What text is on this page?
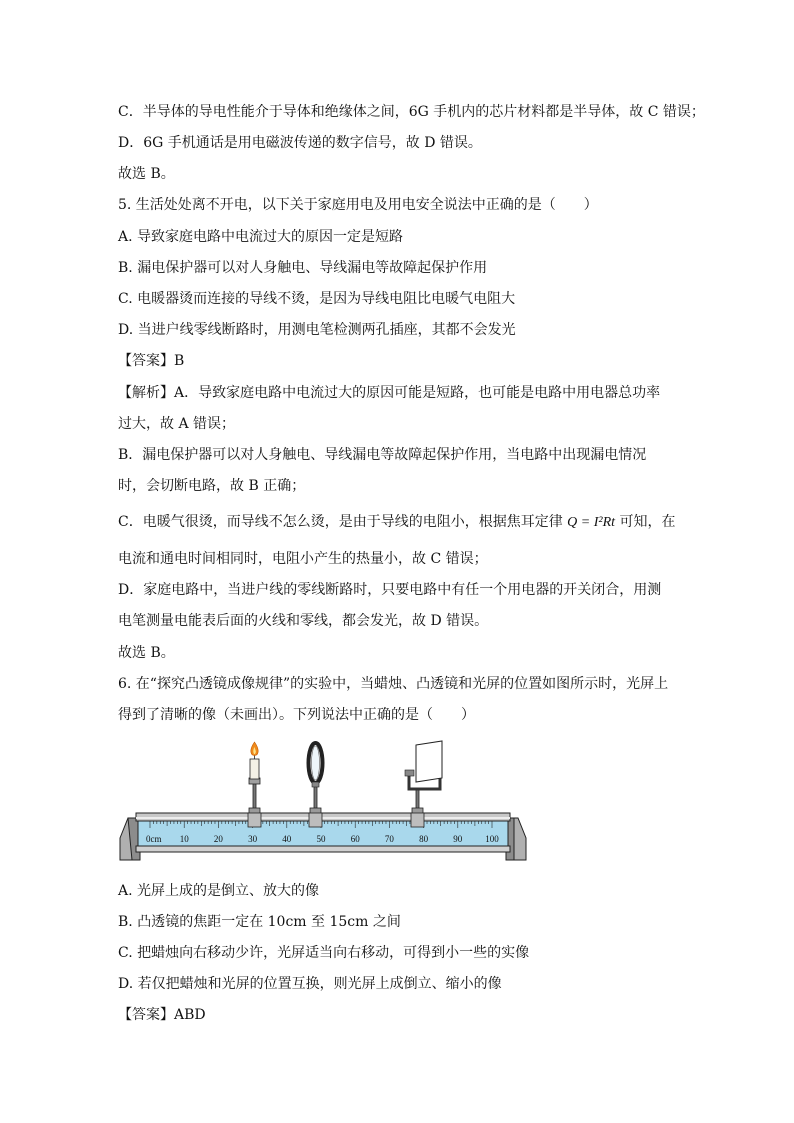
C．半导体的导电性能介于导体和绝缘体之间，6G 手机内的芯片材料都是半导体，故 C 错误；
D．6G 手机通话是用电磁波传递的数字信号，故 D 错误。
故选 B。
5. 生活处处离不开电，以下关于家庭用电及用电安全说法中正确的是（　　）
A. 导致家庭电路中电流过大的原因一定是短路
B. 漏电保护器可以对人身触电、导线漏电等故障起保护作用
C. 电暖器烫而连接的导线不烫，是因为导线电阻比电暖气电阻大
D. 当进户线零线断路时，用测电笔检测两孔插座，其都不会发光
【答案】B
【解析】A．导致家庭电路中电流过大的原因可能是短路，也可能是电路中用电器总功率
过大，故 A 错误；
B．漏电保护器可以对人身触电、导线漏电等故障起保护作用，当电路中出现漏电情况
时，会切断电路，故 B 正确；
C．电暖气很烫，而导线不怎么烫，是由于导线的电阻小，根据焦耳定律 Q = I²Rt 可知，在
电流和通电时间相同时，电阻小产生的热量小，故 C 错误；
D．家庭电路中，当进户线的零线断路时，只要电路中有任一个用电器的开关闭合，用测
电笔测量电能表后面的火线和零线，都会发光，故 D 错误。
故选 B。
6. 在“探究凸透镜成像规律”的实验中，当蜡烛、凸透镜和光屏的位置如图所示时，光屏上
得到了清晰的像（未画出）。下列说法中正确的是（　　）
0cm 10	20	30	40	50	60	70	80	90	100
A. 光屏上成的是倒立、放大的像
B. 凸透镜的焦距一定在 10cm 至 15cm 之间
C. 把蜡烛向右移动少许，光屏适当向右移动，可得到小一些的实像
D. 若仅把蜡烛和光屏的位置互换，则光屏上成倒立、缩小的像
【答案】ABD
